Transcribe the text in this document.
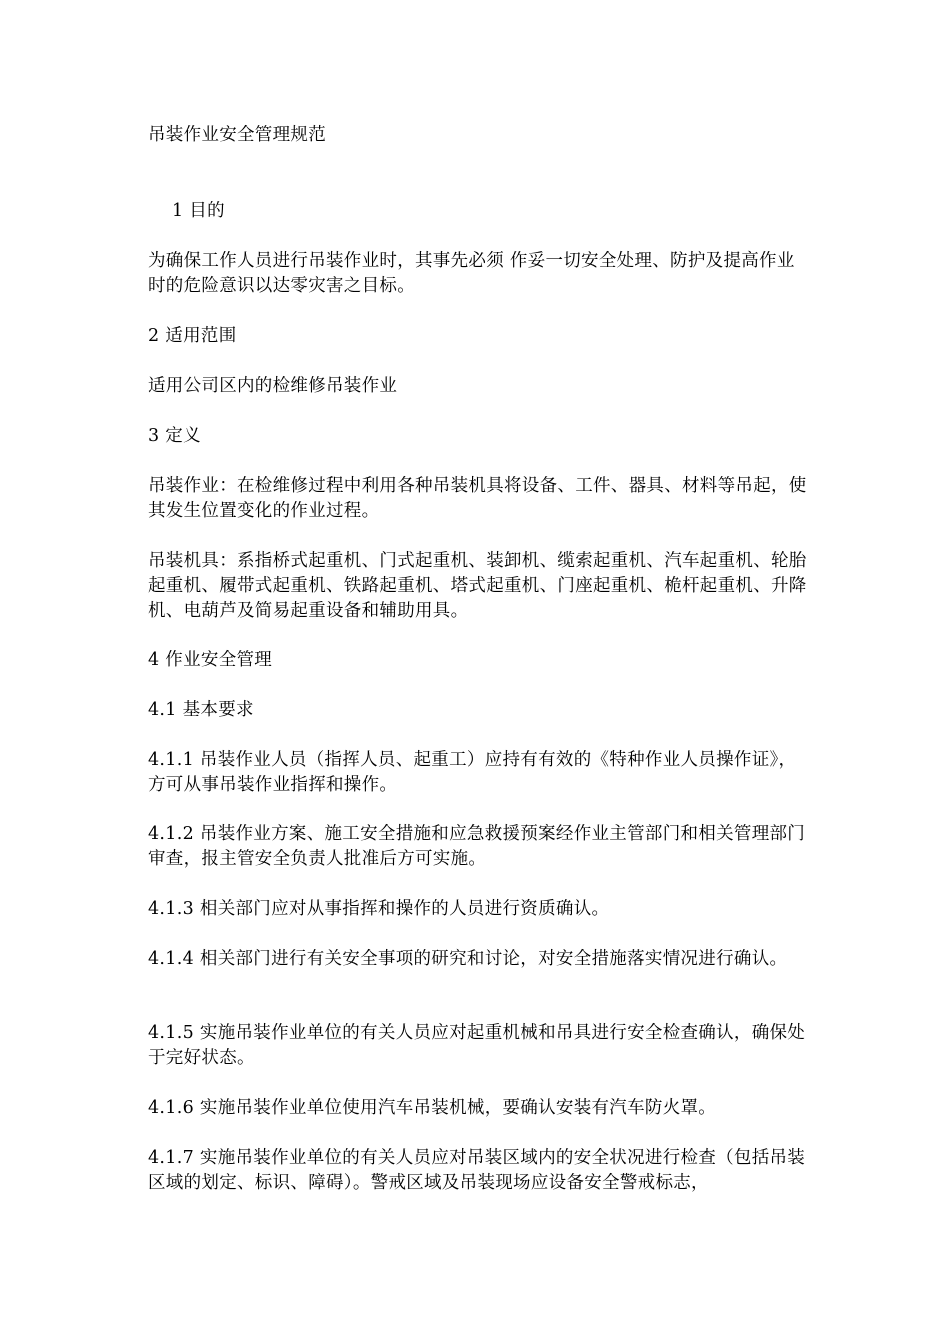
吊装作业安全管理规范

1 目的

为确保工作人员进行吊装作业时，其事先必须 作妥一切安全处理、防护及提高作业时的危险意识以达零灾害之目标。

2 适用范围

适用公司区内的检维修吊装作业

3 定义

吊装作业：在检维修过程中利用各种吊装机具将设备、工件、器具、材料等吊起，使其发生位置变化的作业过程。

吊装机具：系指桥式起重机、门式起重机、装卸机、缆索起重机、汽车起重机、轮胎起重机、履带式起重机、铁路起重机、塔式起重机、门座起重机、桅杆起重机、升降机、电葫芦及简易起重设备和辅助用具。

4 作业安全管理

4.1 基本要求

4.1.1 吊装作业人员（指挥人员、起重工）应持有有效的《特种作业人员操作证》，方可从事吊装作业指挥和操作。

4.1.2 吊装作业方案、施工安全措施和应急救援预案经作业主管部门和相关管理部门审查，报主管安全负责人批准后方可实施。

4.1.3 相关部门应对从事指挥和操作的人员进行资质确认。

4.1.4 相关部门进行有关安全事项的研究和讨论，对安全措施落实情况进行确认。

4.1.5 实施吊装作业单位的有关人员应对起重机械和吊具进行安全检查确认，确保处于完好状态。

4.1.6 实施吊装作业单位使用汽车吊装机械，要确认安装有汽车防火罩。

4.1.7 实施吊装作业单位的有关人员应对吊装区域内的安全状况进行检查（包括吊装区域的划定、标识、障碍）。警戒区域及吊装现场应设备安全警戒标志，
